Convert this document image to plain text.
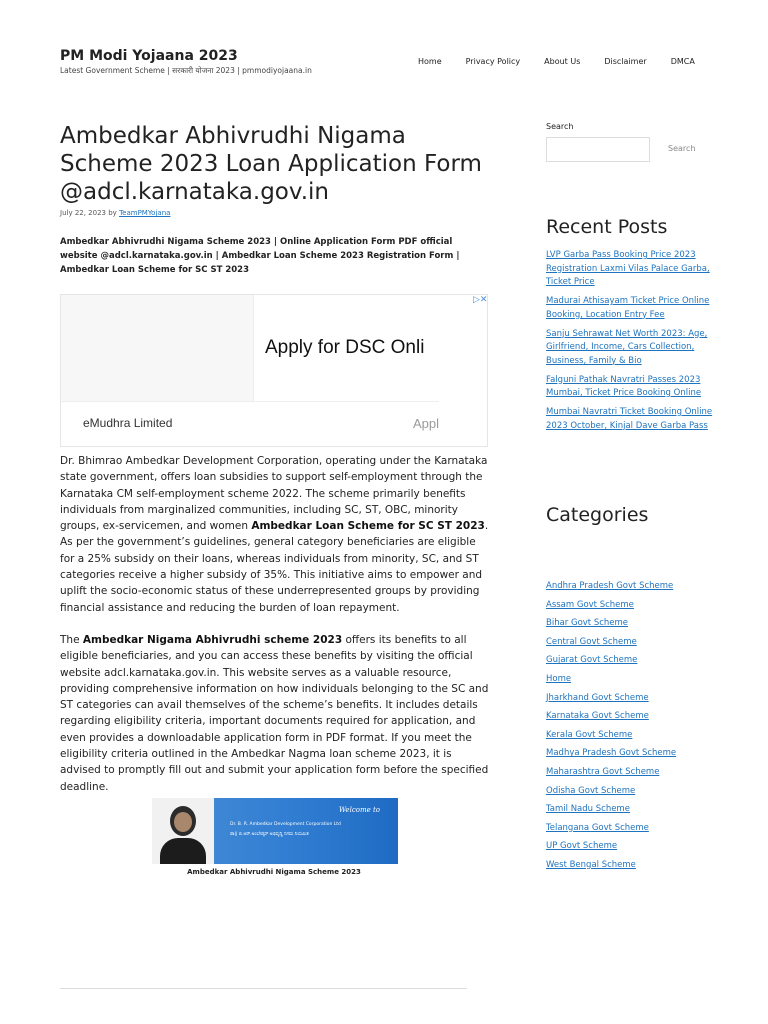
PM Modi Yojaana 2023
Latest Government Scheme | सरकारी योजना 2023 | pmmodiyojaana.in
Home	Privacy Policy	About Us	Disclaimer	DMCA
Ambedkar Abhivrudhi Nigama Scheme 2023 Loan Application Form @adcl.karnataka.gov.in
July 22, 2023 by TeamPMYojana

Ambedkar Abhivrudhi Nigama Scheme 2023 | Online Application Form PDF official website @adcl.karnataka.gov.in | Ambedkar Loan Scheme 2023 Registration Form | Ambedkar Loan Scheme for SC ST 2023

Apply for DSC Onli
▷✕
eMudhra Limited	Appl

Dr. Bhimrao Ambedkar Development Corporation, operating under the Karnataka state government, offers loan subsidies to support self-employment through the Karnataka CM self-employment scheme 2022. The scheme primarily benefits individuals from marginalized communities, including SC, ST, OBC, minority groups, ex-servicemen, and women Ambedkar Loan Scheme for SC ST 2023. As per the government’s guidelines, general category beneficiaries are eligible for a 25% subsidy on their loans, whereas individuals from minority, SC, and ST categories receive a higher subsidy of 35%. This initiative aims to empower and uplift the socio-economic status of these underrepresented groups by providing financial assistance and reducing the burden of loan repayment.

The Ambedkar Nigama Abhivrudhi scheme 2023 offers its benefits to all eligible beneficiaries, and you can access these benefits by visiting the official website adcl.karnataka.gov.in. This website serves as a valuable resource, providing comprehensive information on how individuals belonging to the SC and ST categories can avail themselves of the scheme’s benefits. It includes details regarding eligibility criteria, important documents required for application, and even provides a downloadable application form in PDF format. If you meet the eligibility criteria outlined in the Ambedkar Nagma loan scheme 2023, it is advised to promptly fill out and submit your application form before the specified deadline.

Welcome to
Dr. B. R. Ambedkar Development Corporation Ltd
ಡಾ|| ಬಿ.ಆರ್.ಅಂಬೇಡ್ಕರ್ ಅಭಿವೃದ್ಧಿ ನಿಗಮ ನಿಯಮಿತ
Ambedkar Abhivrudhi Nigama Scheme 2023
Search
Search
Recent Posts
LVP Garba Pass Booking Price 2023 Registration Laxmi Vilas Palace Garba, Ticket Price
Madurai Athisayam Ticket Price Online Booking, Location Entry Fee
Sanju Sehrawat Net Worth 2023: Age, Girlfriend, Income, Cars Collection, Business, Family & Bio
Falguni Pathak Navratri Passes 2023 Mumbai, Ticket Price Booking Online
Mumbai Navratri Ticket Booking Online 2023 October, Kinjal Dave Garba Pass
Categories
Andhra Pradesh Govt Scheme
Assam Govt Scheme
Bihar Govt Scheme
Central Govt Scheme
Gujarat Govt Scheme
Home
Jharkhand Govt Scheme
Karnataka Govt Scheme
Kerala Govt Scheme
Madhya Pradesh Govt Scheme
Maharashtra Govt Scheme
Odisha Govt Scheme
Tamil Nadu Scheme
Telangana Govt Scheme
UP Govt Scheme
West Bengal Scheme
